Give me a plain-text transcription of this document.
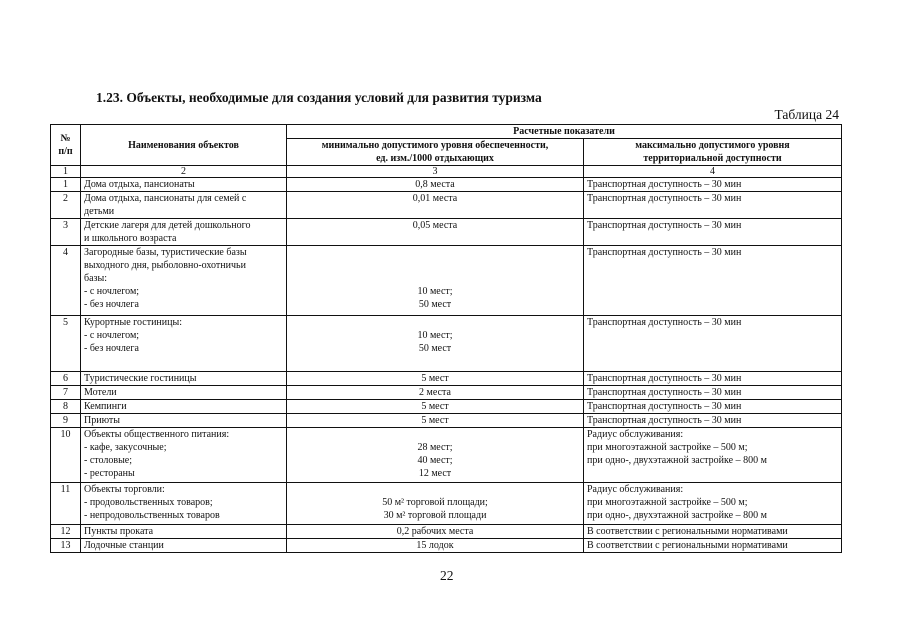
1.23. Объекты, необходимые для создания условий для развития туризма

Таблица 24

№
п/п	Наименования объектов	Расчетные показатели	

		минимально допустимого уровня обеспеченности,
ед. изм./1000 отдыхающих	максимально допустимого уровня
территориальной доступности

1	2	3	4
1	Дома отдыха, пансионаты	0,8 места	Транспортная доступность – 30 мин

2	Дома отдыха, пансионаты для семей с
детьми	0,01 места	Транспортная доступность – 30 мин

3	Детские лагеря для детей дошкольного
и школьного возраста	0,05 места	Транспортная доступность – 30 мин

4	Загородные базы, туристические базы
выходного дня, рыболовно-охотничьи
базы:
- с ночлегом;
- без ночлега	10 мест;
50 мест	Транспортная доступность – 30 мин

5	Курортные гостиницы:
- с ночлегом;
- без ночлега	10 мест;
50 мест	Транспортная доступность – 30 мин

6	Туристические гостиницы	5 мест	Транспортная доступность – 30 мин

7	Мотели	2 места	Транспортная доступность – 30 мин

8	Кемпинги	5 мест	Транспортная доступность – 30 мин

9	Приюты	5 мест	Транспортная доступность – 30 мин

10	Объекты общественного питания:
- кафе, закусочные;
- столовые;
- рестораны	28 мест;
40 мест;
12 мест	Радиус обслуживания:
при многоэтажной застройке – 500 м;
при одно-, двухэтажной застройке – 800 м

11	Объекты торговли:
- продовольственных товаров;
- непродовольственных товаров	50 м² торговой площади;
30 м² торговой площади	Радиус обслуживания:
при многоэтажной застройке – 500 м;
при одно-, двухэтажной застройке – 800 м

12	Пункты проката	0,2 рабочих места	В соответствии с региональными нормативами

13	Лодочные станции	15 лодок	В соответствии с региональными нормативами

22
